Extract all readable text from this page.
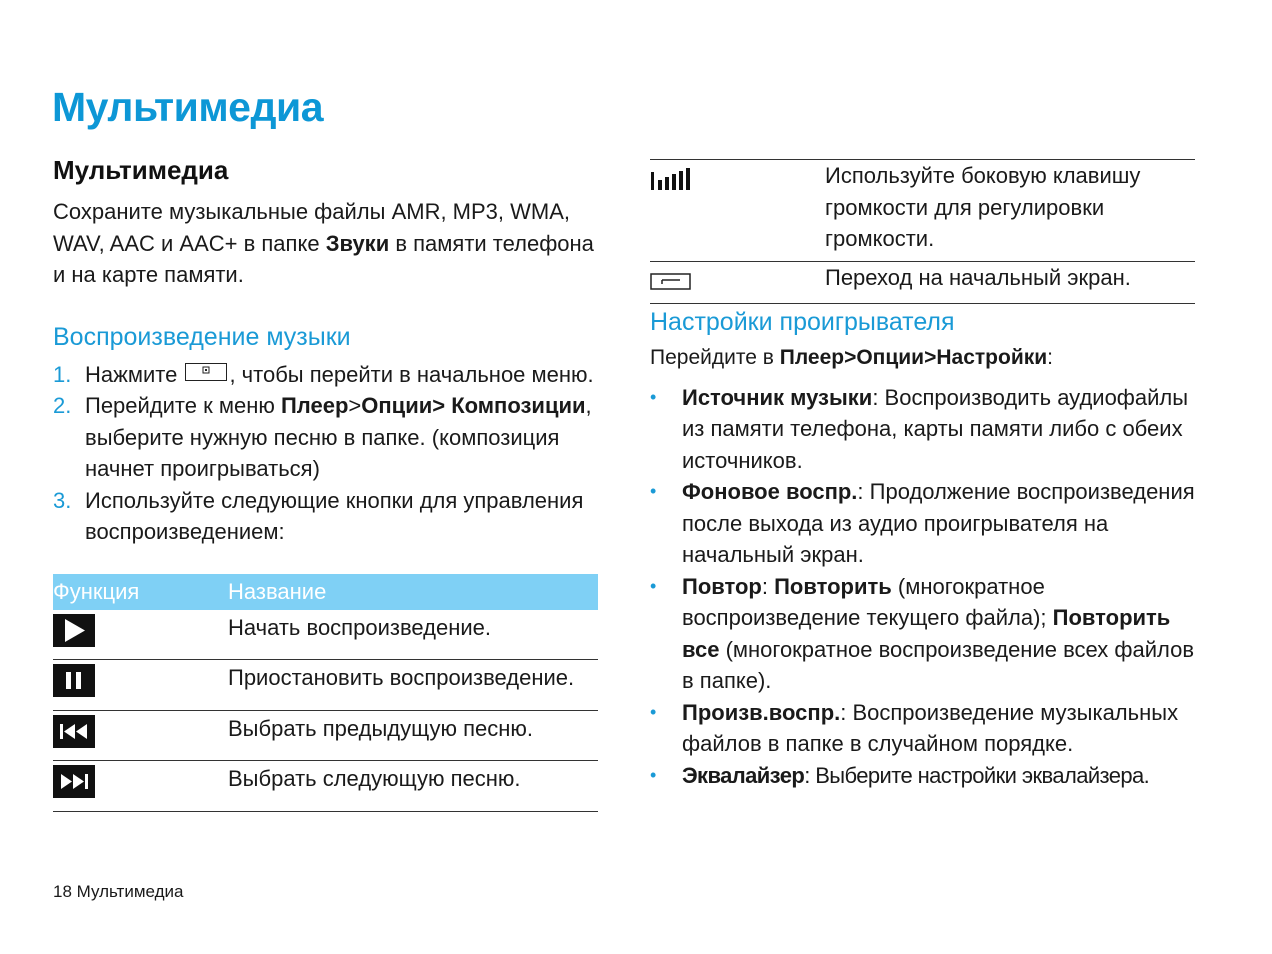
Мультимедиа
Мультимедиа

Сохраните музыкальные файлы AMR, MP3, WMA, WAV, AAC и AAC+ в папке Звуки в памяти телефона и на карте памяти.

Воспроизведение музыки
1. Нажмите
, чтобы перейти в начальное меню.
2. Перейдите к меню Плеер>Опции> Композиции, выберите нужную песню в папке. (композиция начнет проигрываться)
3. Используйте следующие кнопки для управления воспроизведением:
Функция	Название
	Начать воспроизведение.
	Приостановить воспроизведение.
	Выбрать предыдущую песню.
	Выбрать следующую песню.
	Используйте боковую клавишу громкости для регулировки громкости.
	Переход на начальный экран.
Настройки проигрывателя

Перейдите в Плеер>Опции>Настройки:

• Источник музыки: Воспроизводить аудиофайлы из памяти телефона, карты памяти либо с обеих источников.
• Фоновое воспр.: Продолжение воспроизведения после выхода из аудио проигрывателя на начальный экран.
• Повтор: Повторить (многократное воспроизведение текущего файла); Повторить все (многократное воспроизведение всех файлов в папке).
• Произв.воспр.: Воспроизведение музыкальных файлов в папке в случайном порядке.
• Эквалайзер: Выберите настройки эквалайзера.
18 Мультимедиа
